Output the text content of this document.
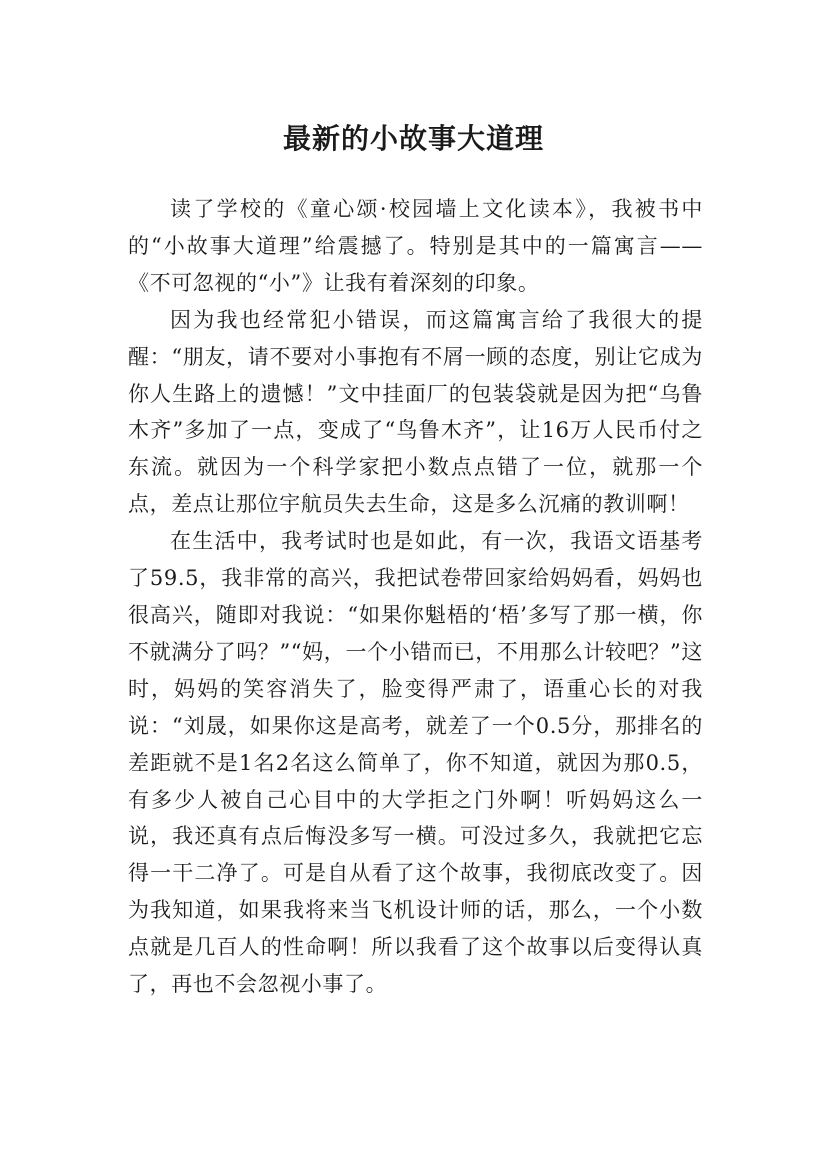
最新的小故事大道理

读了学校的《童心颂·校园墙上文化读本》，我被书中的“小故事大道理”给震撼了。特别是其中的一篇寓言——《不可忽视的“小”》让我有着深刻的印象。

因为我也经常犯小错误，而这篇寓言给了我很大的提醒：“朋友，请不要对小事抱有不屑一顾的态度，别让它成为你人生路上的遗憾！”文中挂面厂的包装袋就是因为把“乌鲁木齐”多加了一点，变成了“鸟鲁木齐”，让16万人民币付之东流。就因为一个科学家把小数点点错了一位，就那一个点，差点让那位宇航员失去生命，这是多么沉痛的教训啊！

在生活中，我考试时也是如此，有一次，我语文语基考了59.5，我非常的高兴，我把试卷带回家给妈妈看，妈妈也很高兴，随即对我说：“如果你魁梧的‘梧’多写了那一横，你不就满分了吗？”“妈，一个小错而已，不用那么计较吧？”这时，妈妈的笑容消失了，脸变得严肃了，语重心长的对我说：“刘晟，如果你这是高考，就差了一个0.5分，那排名的差距就不是1名2名这么简单了，你不知道，就因为那0.5，有多少人被自己心目中的大学拒之门外啊！听妈妈这么一说，我还真有点后悔没多写一横。可没过多久，我就把它忘得一干二净了。可是自从看了这个故事，我彻底改变了。因为我知道，如果我将来当飞机设计师的话，那么，一个小数点就是几百人的性命啊！所以我看了这个故事以后变得认真了，再也不会忽视小事了。
